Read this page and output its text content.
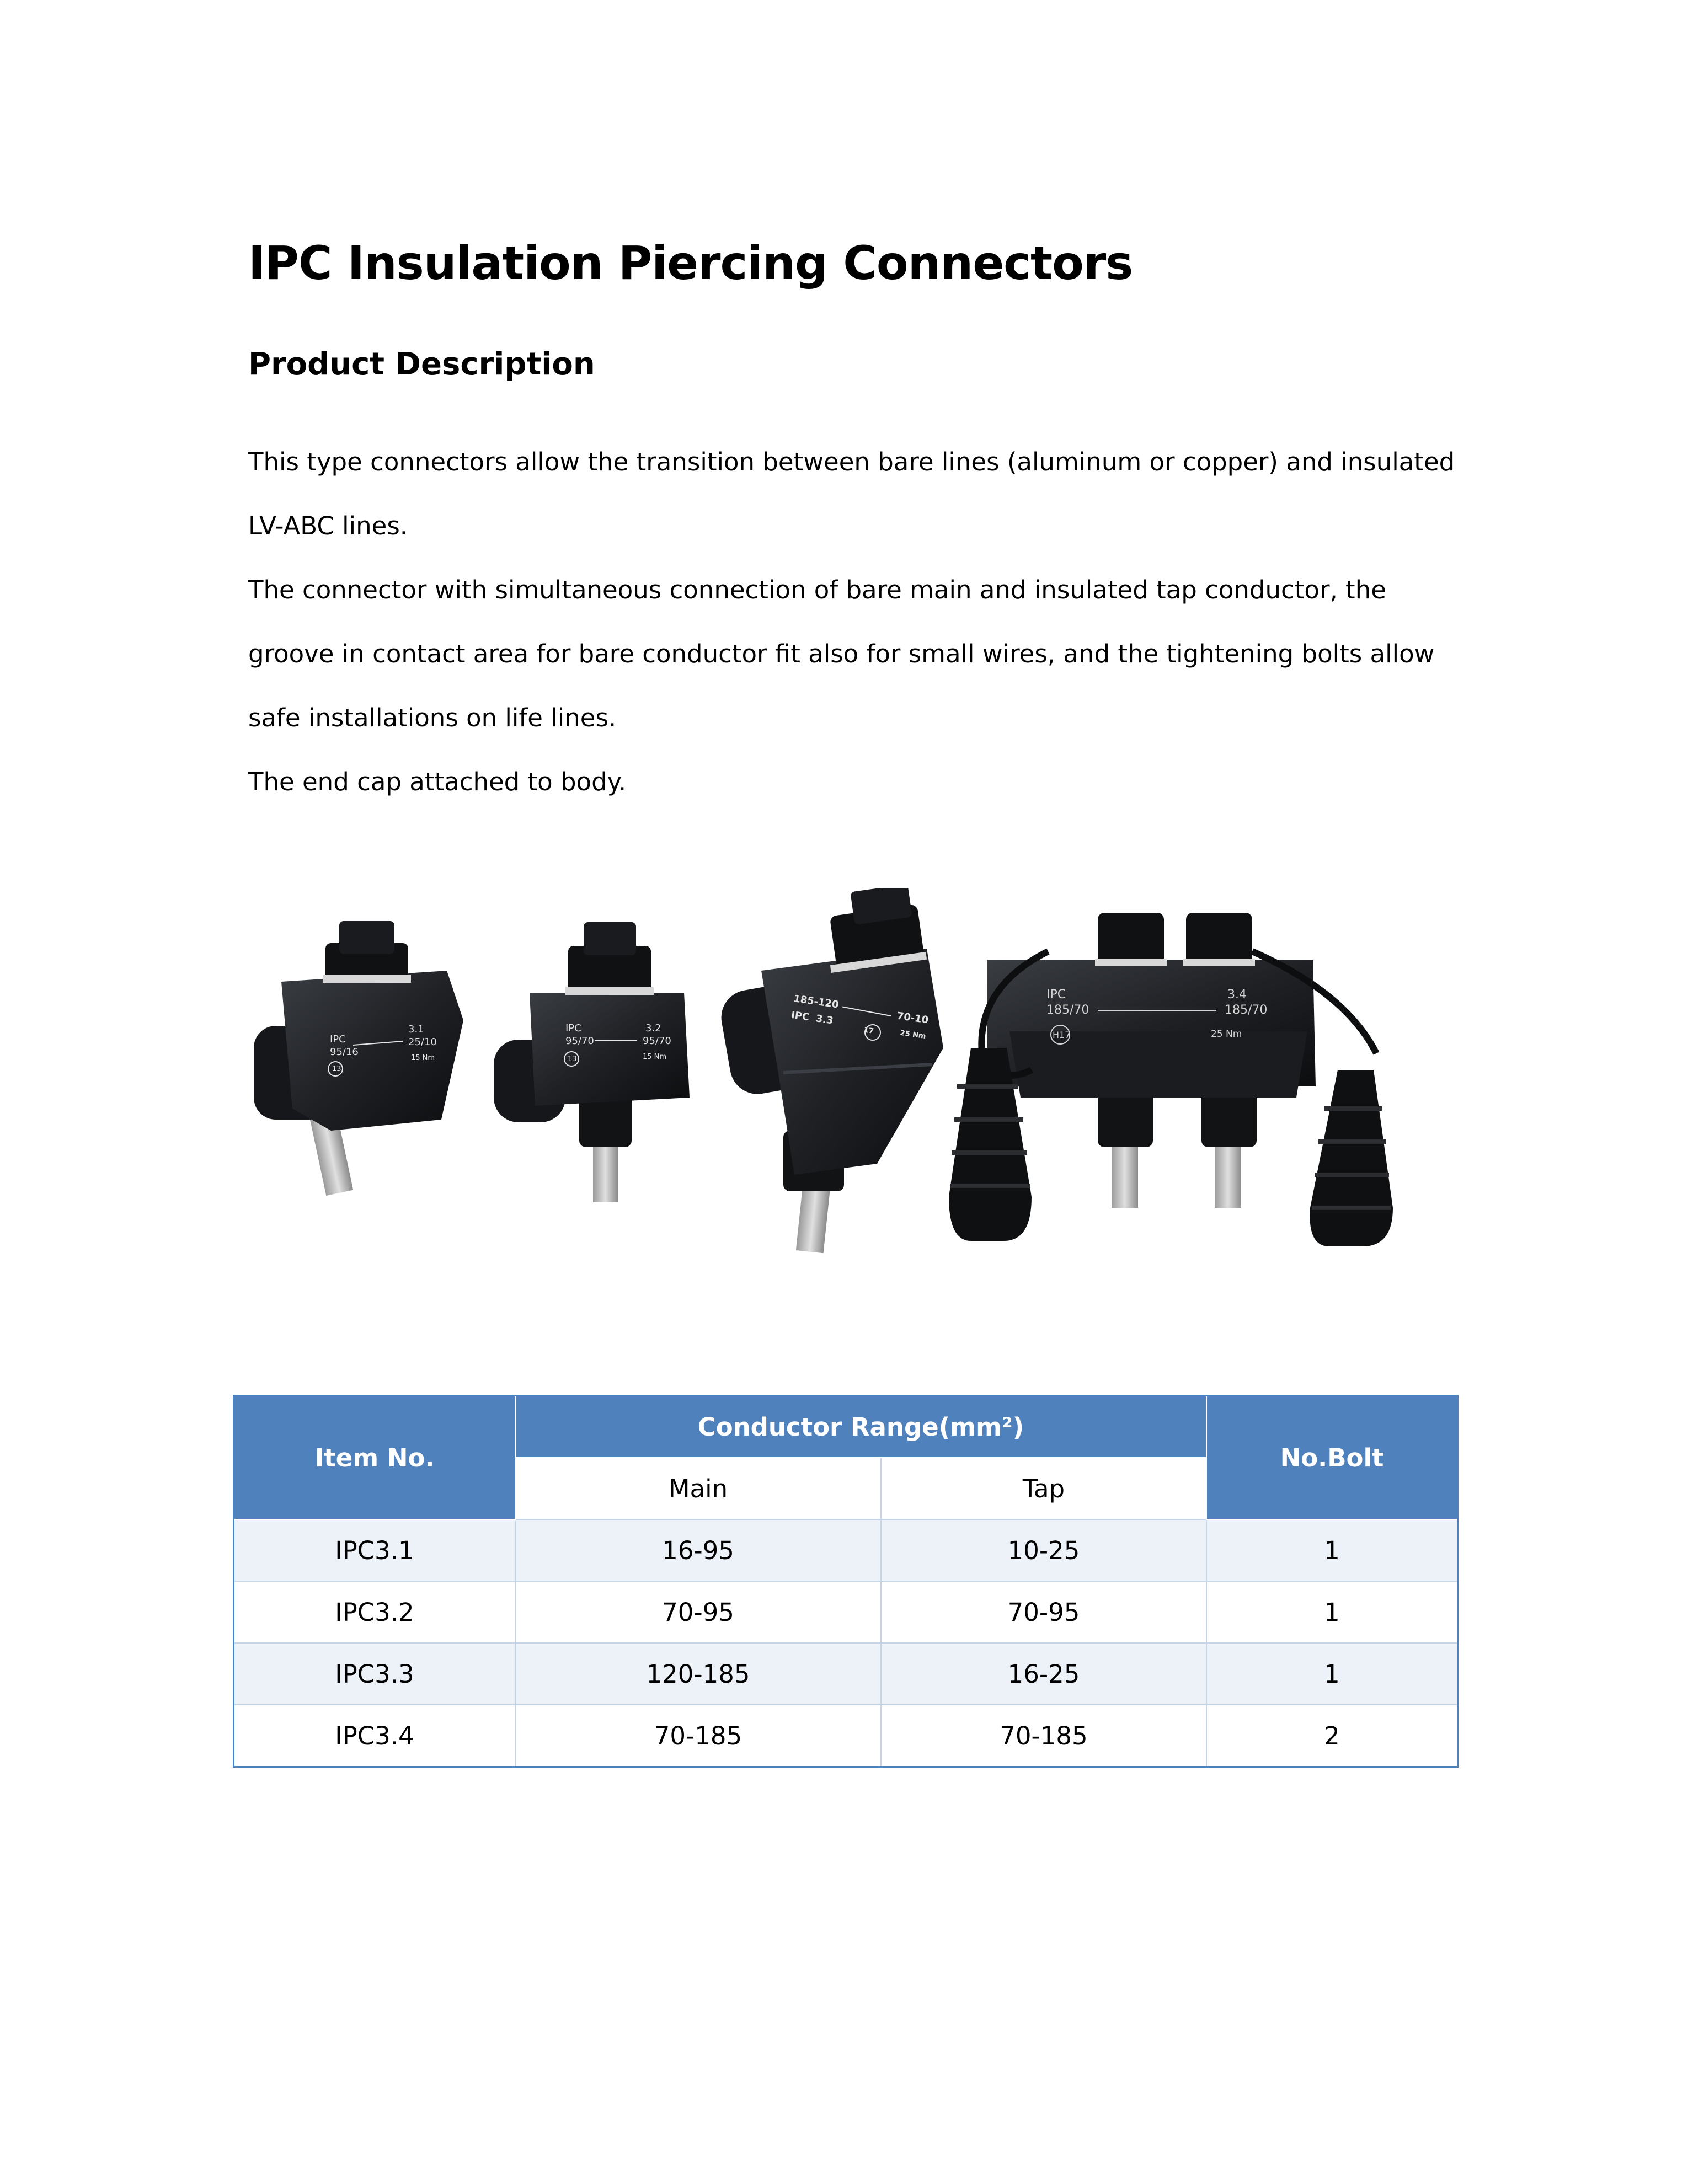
IPC Insulation Piercing Connectors
Product Description

This type connectors allow the transition between bare lines (aluminum or copper) and insulated LV-ABC lines.

The connector with simultaneous connection of bare main and insulated tap conductor, the groove in contact area for bare conductor fit also for small wires, and the tightening bolts allow safe installations on life lines.

The end cap attached to body.

IPC
95/16
3.1
25/10
15 Nm
13
IPC
95/70
3.2
95/70
15 Nm
13
185-120
70-10
IPC 3.3
25 Nm
17
IPC
185/70
3.4
185/70
25 Nm
H17
Item No.	Conductor Range(mm²)		No.Bolt
	Main	Tap	
IPC3.1	16-95	10-25	1
IPC3.2	70-95	70-95	1
IPC3.3	120-185	16-25	1
IPC3.4	70-185	70-185	2
